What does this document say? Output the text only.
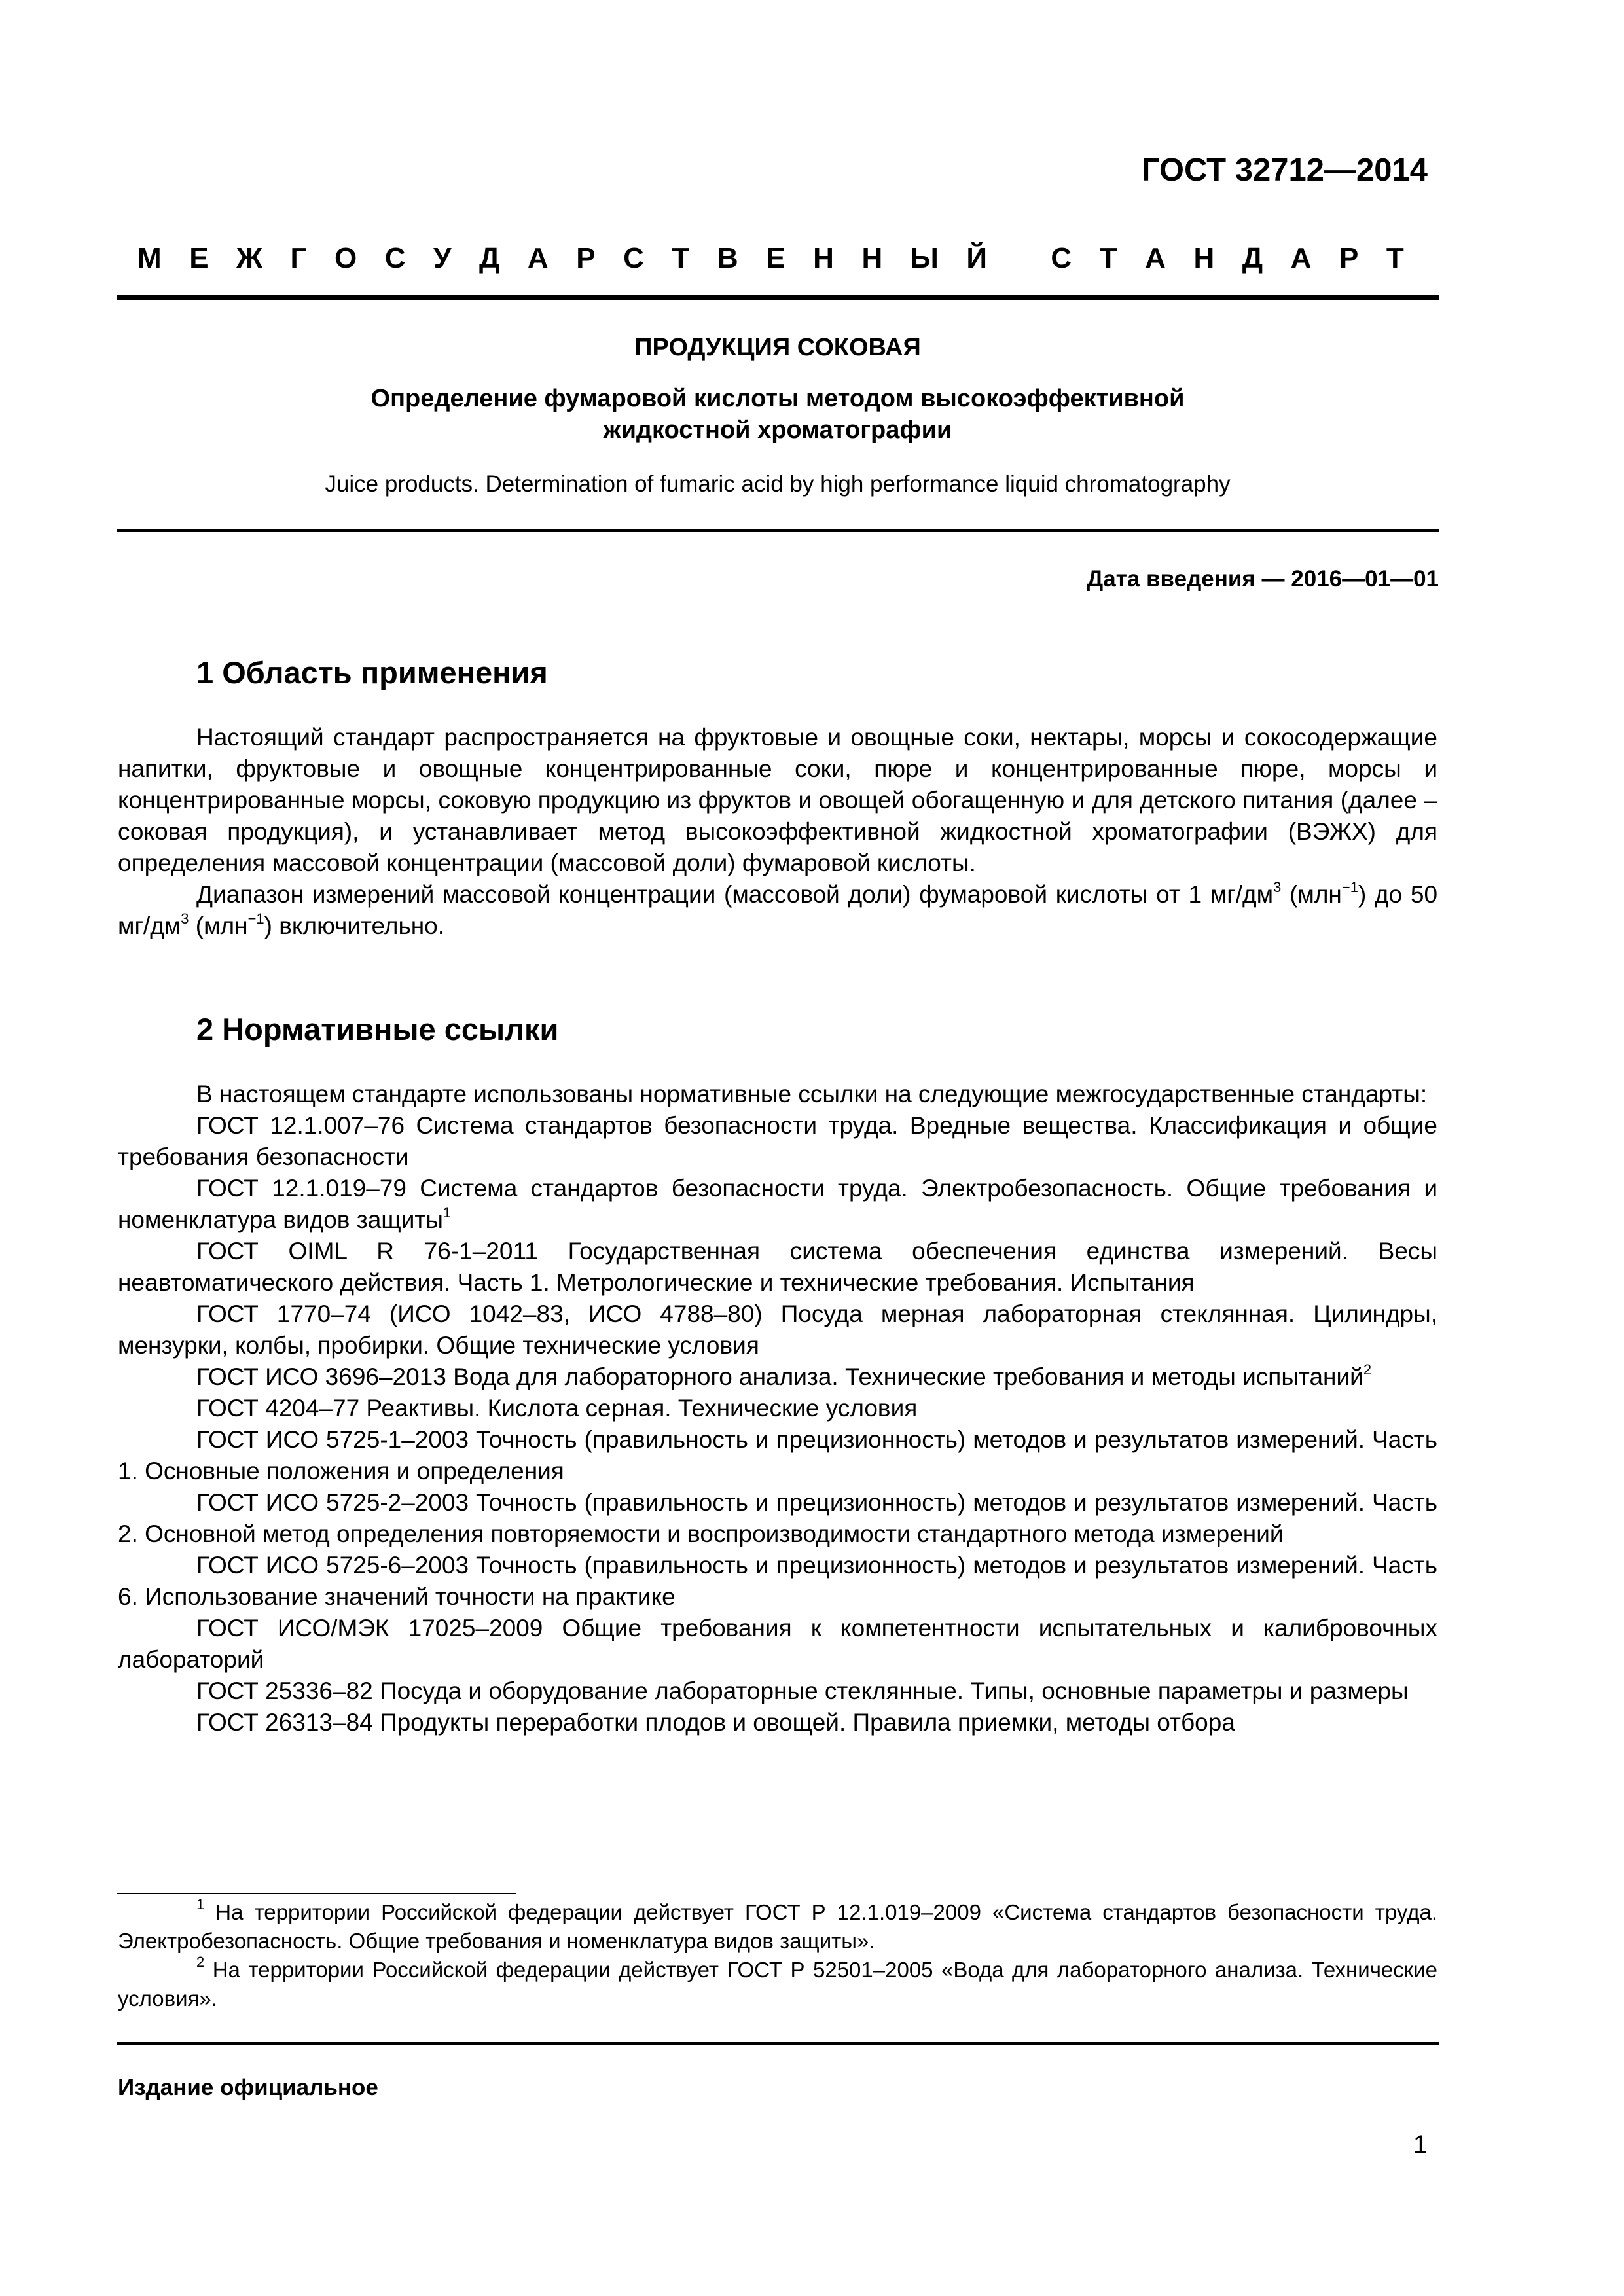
ГОСТ 32712—2014
М Е Ж Г О С У Д А Р С Т В Е Н Н Ы Й
С Т А Н Д А Р Т
ПРОДУКЦИЯ СОКОВАЯ
Определение фумаровой кислоты методом высокоэффективной
жидкостной хроматографии
Juice products. Determination of fumaric acid by high performance liquid chromatography
Дата введения — 2016—01—01
1 Область применения

Настоящий стандарт распространяется на фруктовые и овощные соки, нектары, морсы и сокосодержащие напитки, фруктовые и овощные концентрированные соки, пюре и концентрированные пюре, морсы и концентрированные морсы, соковую продукцию из фруктов и овощей обогащенную и для детского питания (далее – соковая продукция), и устанавливает метод высокоэффективной жидкостной хроматографии (ВЭЖХ) для определения массовой концентрации (массовой доли) фумаровой кислоты.

Диапазон измерений массовой концентрации (массовой доли) фумаровой кислоты от 1 $мг/дм^3$ (млн$^{-1}$) до 50 $мг/дм^3$ (млн$^{-1}$) включительно.

2 Нормативные ссылки

В настоящем стандарте использованы нормативные ссылки на следующие межгосударственные стандарты:

ГОСТ 12.1.007–76 Система стандартов безопасности труда. Вредные вещества. Классификация и общие требования безопасности

ГОСТ 12.1.019–79 Система стандартов безопасности труда. Электробезопасность. Общие требования и номенклатура видов защиты$^1$

ГОСТ OIML R 76-1–2011 Государственная система обеспечения единства измерений. Весы неавтоматического действия. Часть 1. Метрологические и технические требования. Испытания

ГОСТ 1770–74 (ИСО 1042–83, ИСО 4788–80) Посуда мерная лабораторная стеклянная. Цилиндры, мензурки, колбы, пробирки. Общие технические условия

ГОСТ ИСО 3696–2013 Вода для лабораторного анализа. Технические требования и методы испытаний$^2$

ГОСТ 4204–77 Реактивы. Кислота серная. Технические условия

ГОСТ ИСО 5725-1–2003 Точность (правильность и прецизионность) методов и результатов измерений. Часть 1. Основные положения и определения

ГОСТ ИСО 5725-2–2003 Точность (правильность и прецизионность) методов и результатов измерений. Часть 2. Основной метод определения повторяемости и воспроизводимости стандартного метода измерений

ГОСТ ИСО 5725-6–2003 Точность (правильность и прецизионность) методов и результатов измерений. Часть 6. Использование значений точности на практике

ГОСТ ИСО/МЭК 17025–2009 Общие требования к компетентности испытательных и калибровочных лабораторий

ГОСТ 25336–82 Посуда и оборудование лабораторные стеклянные. Типы, основные параметры и размеры

ГОСТ 26313–84 Продукты переработки плодов и овощей. Правила приемки, методы отбора

$^1$ На территории Российской федерации действует ГОСТ Р 12.1.019–2009 «Система стандартов безопасности труда. Электробезопасность. Общие требования и номенклатура видов защиты».

$^2$ На территории Российской федерации действует ГОСТ Р 52501–2005 «Вода для лабораторного анализа. Технические условия».

Издание официальное
1
